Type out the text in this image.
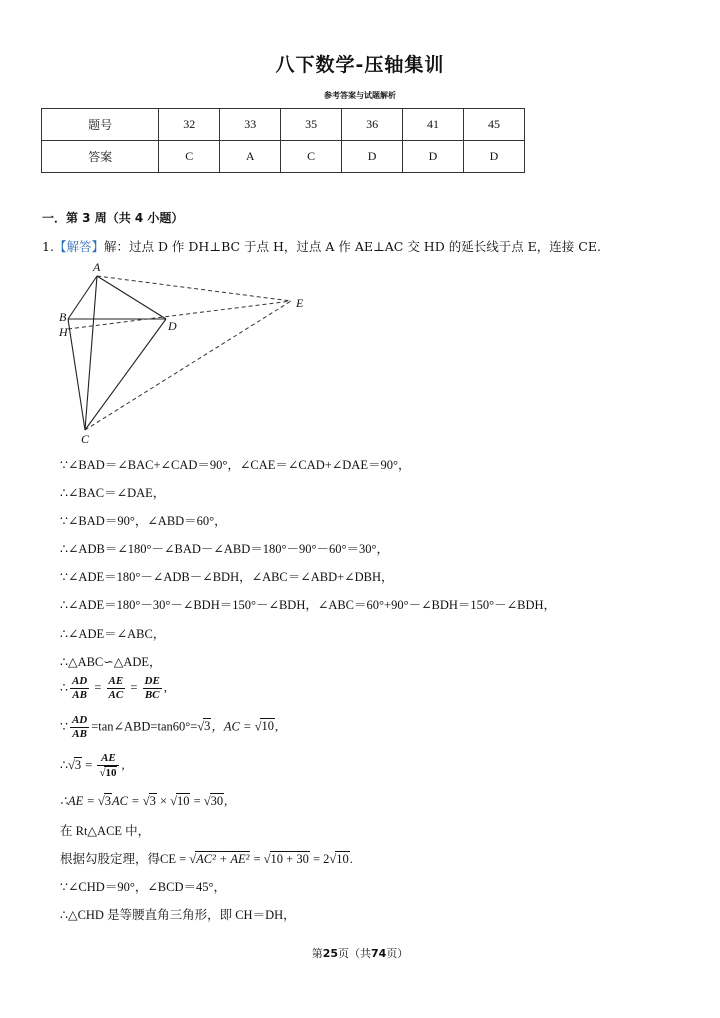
八下数学-压轴集训
参考答案与试题解析
题号	32	33	35	36	41	45
答案	C	A	C	D	D	D
一．第 3 周（共 4 小题）
1.【解答】解：过点 D 作 DH⊥BC 于点 H，过点 A 作 AE⊥AC 交 HD 的延长线于点 E，连接 CE.
A
B
H	D
E
C
∵∠BAD＝∠BAC+∠CAD＝90°，∠CAE＝∠CAD+∠DAE＝90°，
∴∠BAC＝∠DAE，
∵∠BAD＝90°，∠ABD＝60°，
∴∠ADB＝∠180°－∠BAD－∠ABD＝180°－90°－60°＝30°，
∵∠ADE＝180°－∠ADB－∠BDH，∠ABC＝∠ABD+∠DBH，
∴∠ADE＝180°－30°－∠BDH＝150°－∠BDH，∠ABC＝60°+90°－∠BDH＝150°－∠BDH，
∴∠ADE＝∠ABC，
∴△ABC∽△ADE，
∴ $\frac{AD}{AB} = \frac{AE}{AC} = \frac{DE}{BC}$ ,
∵ $\frac{AD}{AB}$ =tan∠ABD=tan60°=√3，AC = √10,
∴√3 = $\frac{AE}{√10}$ ,
∴AE = √3AC = √3 × √10 = √30,
在 Rt△ACE 中，
根据勾股定理，得CE = √AC² + AE² = √10 + 30 = 2√10.
∵∠CHD＝90°，∠BCD＝45°，
∴△CHD 是等腰直角三角形，即 CH＝DH，
第25页（共74页）
